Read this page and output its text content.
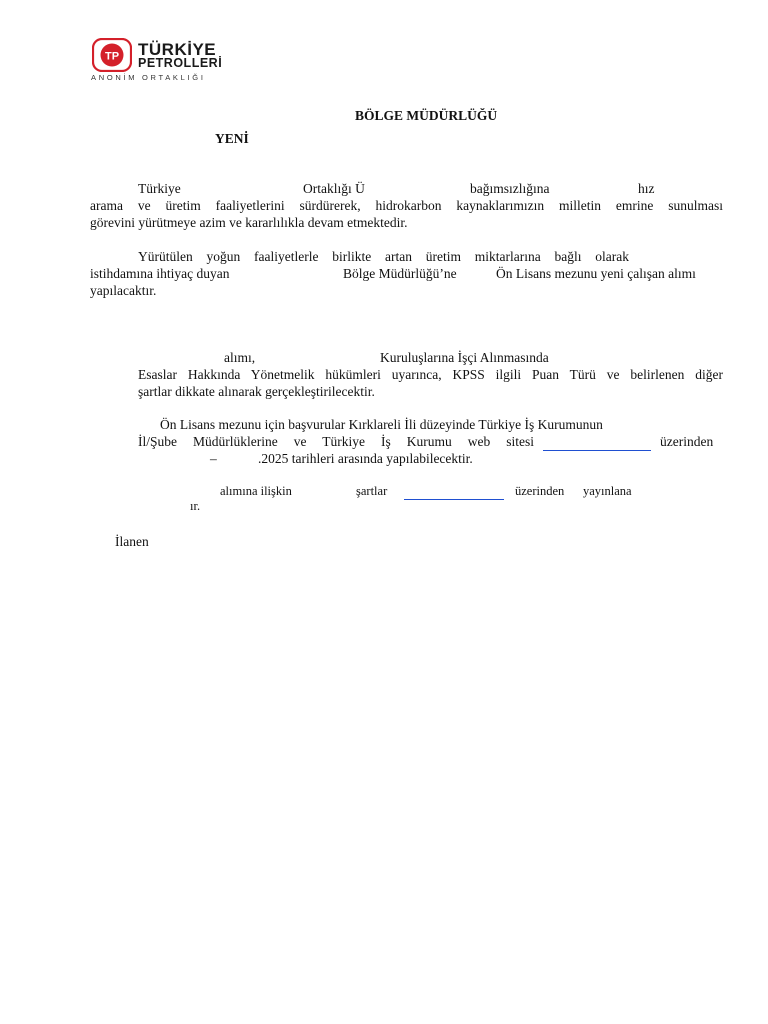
TP TÜRKİYE
PETROLLERİ
ANONİM ORTAKLIĞI
BÖLGE MÜDÜRLÜĞÜ
YENİ
Türkiye	Ortaklığı Ü	bağımsızlığına	hız
arama ve üretim faaliyetlerini sürdürerek, hidrokarbon kaynaklarımızın milletin emrine sunulması
görevini yürütmeye azim ve kararlılıkla devam etmektedir.
Yürütülen yoğun faaliyetlerle birlikte artan üretim miktarlarına bağlı olarak
istihdamına ihtiyaç duyan	Bölge Müdürlüğü’ne	Ön Lisans mezunu yeni çalışan alımı
yapılacaktır.
alımı,	Kuruluşlarına İşçi Alınmasında
Esaslar Hakkında Yönetmelik hükümleri uyarınca, KPSS ilgili Puan Türü ve belirlenen diğer
şartlar dikkate alınarak gerçekleştirilecektir.
Ön Lisans mezunu için başvurular Kırklareli İli düzeyinde Türkiye İş Kurumunun
İl/Şube Müdürlüklerine ve Türkiye İş Kurumu web sitesi	üzerinden
–	.2025 tarihleri arasında yapılabilecektir.
alımına ilişkin	şartlar	üzerinden yayınlana
ır.
İlanen
